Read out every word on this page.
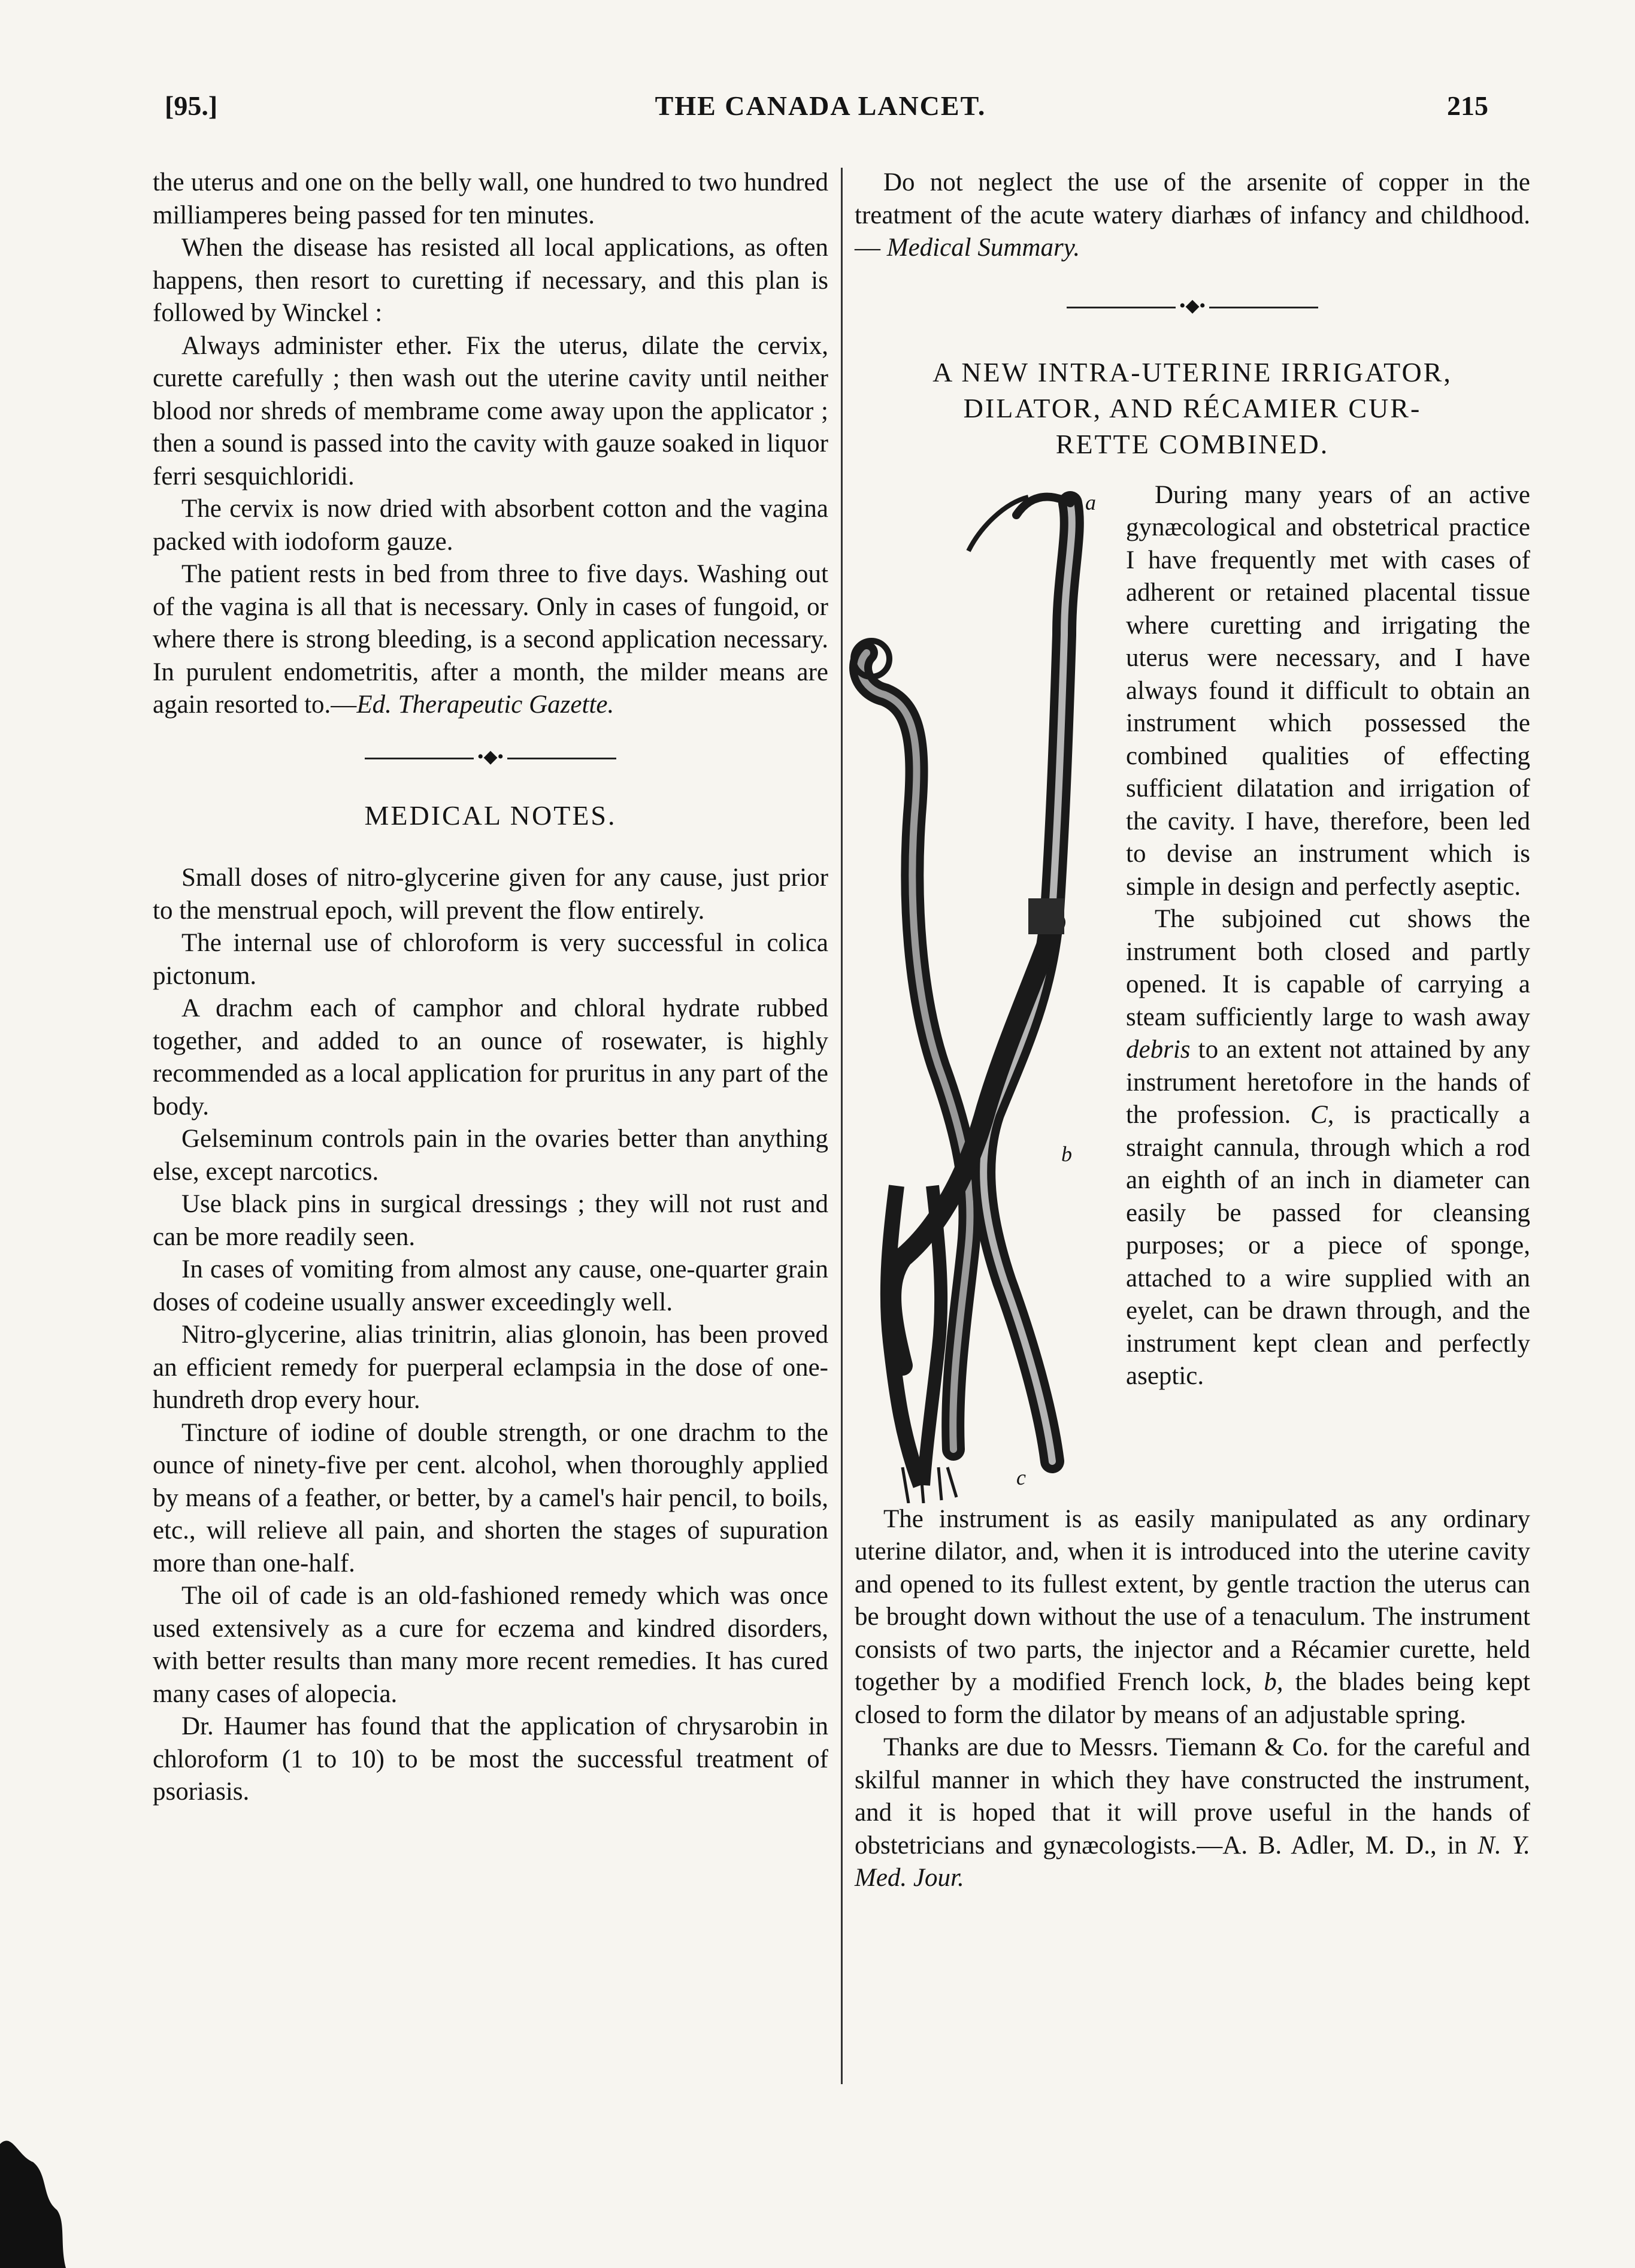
[95.]	THE CANADA LANCET.	215

the uterus and one on the belly wall, one hundred to two hundred milliamperes being passed for ten minutes.

When the disease has resisted all local applications, as often happens, then resort to curetting if necessary, and this plan is followed by Winckel :

Always administer ether. Fix the uterus, dilate the cervix, curette carefully ; then wash out the uterine cavity until neither blood nor shreds of membrame come away upon the applicator ; then a sound is passed into the cavity with gauze soaked in liquor ferri sesquichloridi.

The cervix is now dried with absorbent cotton and the vagina packed with iodoform gauze.

The patient rests in bed from three to five days. Washing out of the vagina is all that is necessary. Only in cases of fungoid, or where there is strong bleeding, is a second application necessary. In purulent endometritis, after a month, the milder means are again resorted to.—Ed. Therapeutic Gazette.

•◆•
MEDICAL NOTES.

Small doses of nitro-glycerine given for any cause, just prior to the menstrual epoch, will prevent the flow entirely.

The internal use of chloroform is very successful in colica pictonum.

A drachm each of camphor and chloral hydrate rubbed together, and added to an ounce of rosewater, is highly recommended as a local application for pruritus in any part of the body.

Gelseminum controls pain in the ovaries better than anything else, except narcotics.

Use black pins in surgical dressings ; they will not rust and can be more readily seen.

In cases of vomiting from almost any cause, one-quarter grain doses of codeine usually answer exceedingly well.

Nitro-glycerine, alias trinitrin, alias glonoin, has been proved an efficient remedy for puerperal eclampsia in the dose of one-hundreth drop every hour.

Tincture of iodine of double strength, or one drachm to the ounce of ninety-five per cent. alcohol, when thoroughly applied by means of a feather, or better, by a camel's hair pencil, to boils, etc., will relieve all pain, and shorten the stages of supuration more than one-half.

The oil of cade is an old-fashioned remedy which was once used extensively as a cure for eczema and kindred disorders, with better results than many more recent remedies. It has cured many cases of alopecia.

Dr. Haumer has found that the application of chrysarobin in chloroform (1 to 10) to be most the successful treatment of psoriasis.

Do not neglect the use of the arsenite of copper in the treatment of the acute watery diarhæs of infancy and childhood. — Medical Summary.

•◆•
A NEW INTRA-UTERINE IRRIGATOR,
DILATOR, AND RÉCAMIER CUR-
RETTE COMBINED.
a
b
c

During many years of an active gynæcological and obstetrical practice I have frequently met with cases of adherent or retained placental tissue where curetting and irrigating the uterus were necessary, and I have always found it difficult to obtain an instrument which possessed the combined qualities of effecting sufficient dilatation and irrigation of the cavity. I have, therefore, been led to devise an instrument which is simple in design and perfectly aseptic.

The subjoined cut shows the instrument both closed and partly opened. It is capable of carrying a steam sufficiently large to wash away debris to an extent not attained by any instrument heretofore in the hands of the profession. C, is practically a straight cannula, through which a rod an eighth of an inch in diameter can easily be passed for cleansing purposes; or a piece of sponge, attached to a wire supplied with an eyelet, can be drawn through, and the instrument kept clean and perfectly aseptic.

The instrument is as easily manipulated as any ordinary uterine dilator, and, when it is introduced into the uterine cavity and opened to its fullest extent, by gentle traction the uterus can be brought down without the use of a tenaculum. The instrument consists of two parts, the injector and a Récamier curette, held together by a modified French lock, b, the blades being kept closed to form the dilator by means of an adjustable spring.

Thanks are due to Messrs. Tiemann & Co. for the careful and skilful manner in which they have constructed the instrument, and it is hoped that it will prove useful in the hands of obstetricians and gynæcologists.—A. B. Adler, M. D., in N. Y. Med. Jour.
